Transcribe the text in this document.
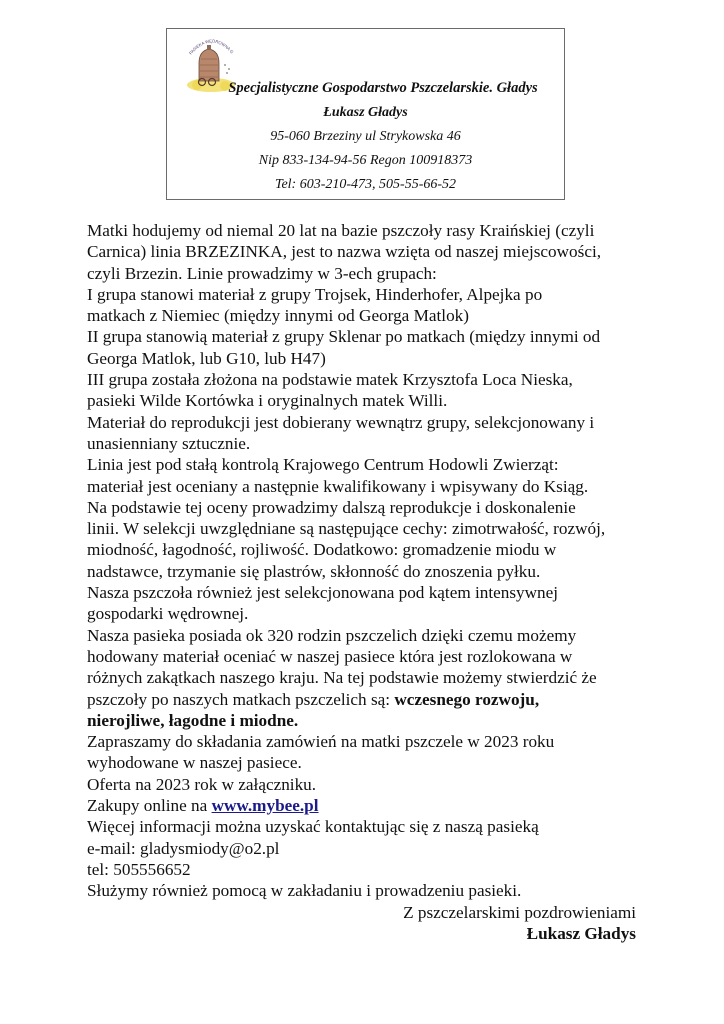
PASIEKA WĘDROWNA G
Specjalistyczne Gospodarstwo Pszczelarskie. Gładys
Łukasz Gładys
95-060 Brzeziny ul Strykowska 46
Nip 833-134-94-56 Regon 100918373
Tel: 603-210-473, 505-55-66-52
Matki hodujemy od niemal 20 lat na bazie pszczoły rasy Kraińskiej (czyli
Carnica) linia BRZEZINKA, jest to nazwa wzięta od naszej miejscowości,
czyli Brzezin. Linie prowadzimy w 3-ech grupach:
I grupa stanowi materiał z grupy Trojsek, Hinderhofer, Alpejka po
matkach z Niemiec (między innymi od Georga Matlok)
II grupa stanowią materiał z grupy Sklenar po matkach (między innymi od
Georga Matlok, lub G10, lub H47)
III grupa została złożona na podstawie matek Krzysztofa Loca Nieska,
pasieki Wilde Kortówka i oryginalnych matek Willi.
Materiał do reprodukcji jest dobierany wewnątrz grupy, selekcjonowany i
unasienniany sztucznie.
Linia jest pod stałą kontrolą Krajowego Centrum Hodowli Zwierząt:
materiał jest oceniany a następnie kwalifikowany i wpisywany do Ksiąg.
Na podstawie tej oceny prowadzimy dalszą reprodukcje i doskonalenie
linii. W selekcji uwzględniane są następujące cechy: zimotrwałość, rozwój,
miodność, łagodność, rojliwość. Dodatkowo: gromadzenie miodu w
nadstawce, trzymanie się plastrów, skłonność do znoszenia pyłku.
Nasza pszczoła również jest selekcjonowana pod kątem intensywnej
gospodarki wędrownej.
Nasza pasieka posiada ok 320 rodzin pszczelich dzięki czemu możemy
hodowany materiał oceniać w naszej pasiece która jest rozlokowana w
różnych zakątkach naszego kraju. Na tej podstawie możemy stwierdzić że
pszczoły po naszych matkach pszczelich są: wczesnego rozwoju,
nierojliwe, łagodne i miodne.
Zapraszamy do składania zamówień na matki pszczele w 2023 roku
wyhodowane w naszej pasiece.
Oferta na 2023 rok w załączniku.
Zakupy online na www.mybee.pl
Więcej informacji można uzyskać kontaktując się z naszą pasieką
e-mail: gladysmiody@o2.pl
tel: 505556652
Służymy również pomocą w zakładaniu i prowadzeniu pasieki.
Z pszczelarskimi pozdrowieniami
Łukasz Gładys
